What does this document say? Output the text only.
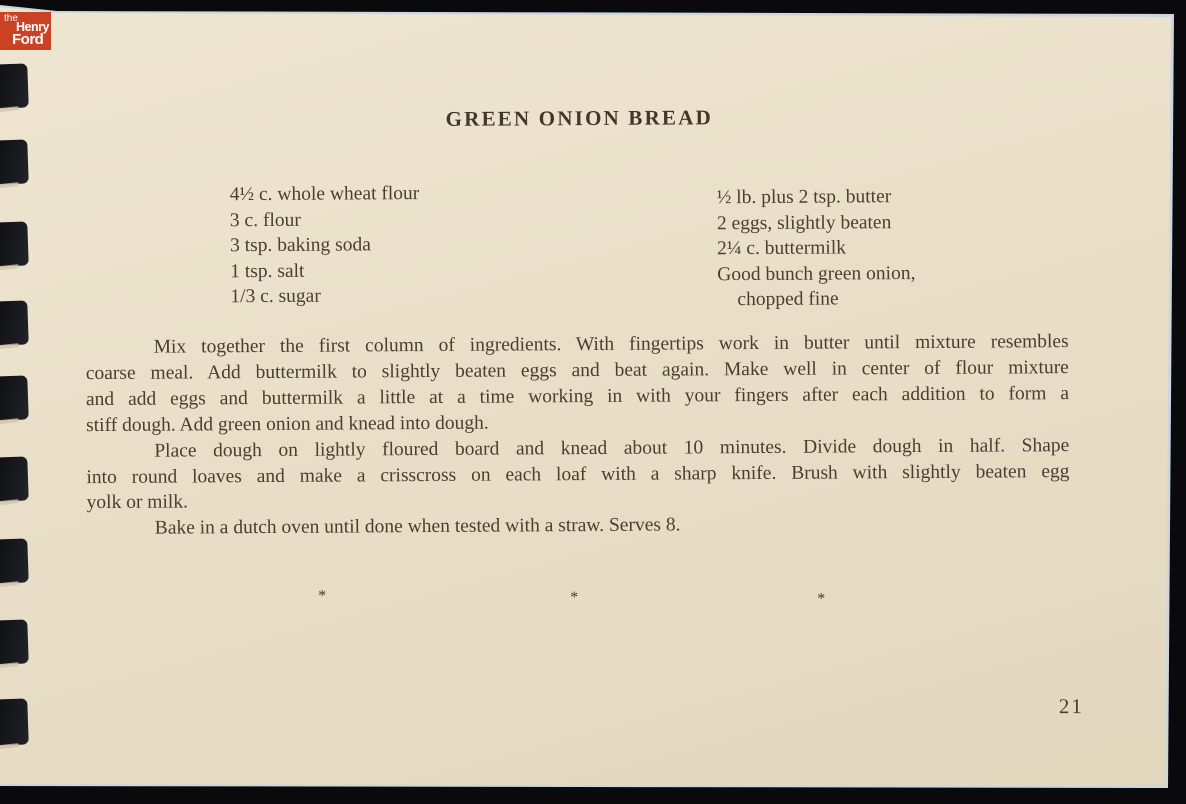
GREEN ONION BREAD
4½ c. whole wheat flour
3 c. flour
3 tsp. baking soda
1 tsp. salt
1/3 c. sugar
½ lb. plus 2 tsp. butter
2 eggs, slightly beaten
2¼ c. buttermilk
Good bunch green onion,
chopped fine
Mix together the first column of ingredients. With fingertips work in butter until mixture resembles
coarse meal. Add buttermilk to slightly beaten eggs and beat again. Make well in center of flour mixture
and add eggs and buttermilk a little at a time working in with your fingers after each addition to form a
stiff dough. Add green onion and knead into dough.
Place dough on lightly floured board and knead about 10 minutes. Divide dough in half. Shape
into round loaves and make a crisscross on each loaf with a sharp knife. Brush with slightly beaten egg
yolk or milk.
Bake in a dutch oven until done when tested with a straw. Serves 8.
*	*	*
21
the
Henry
Ford
